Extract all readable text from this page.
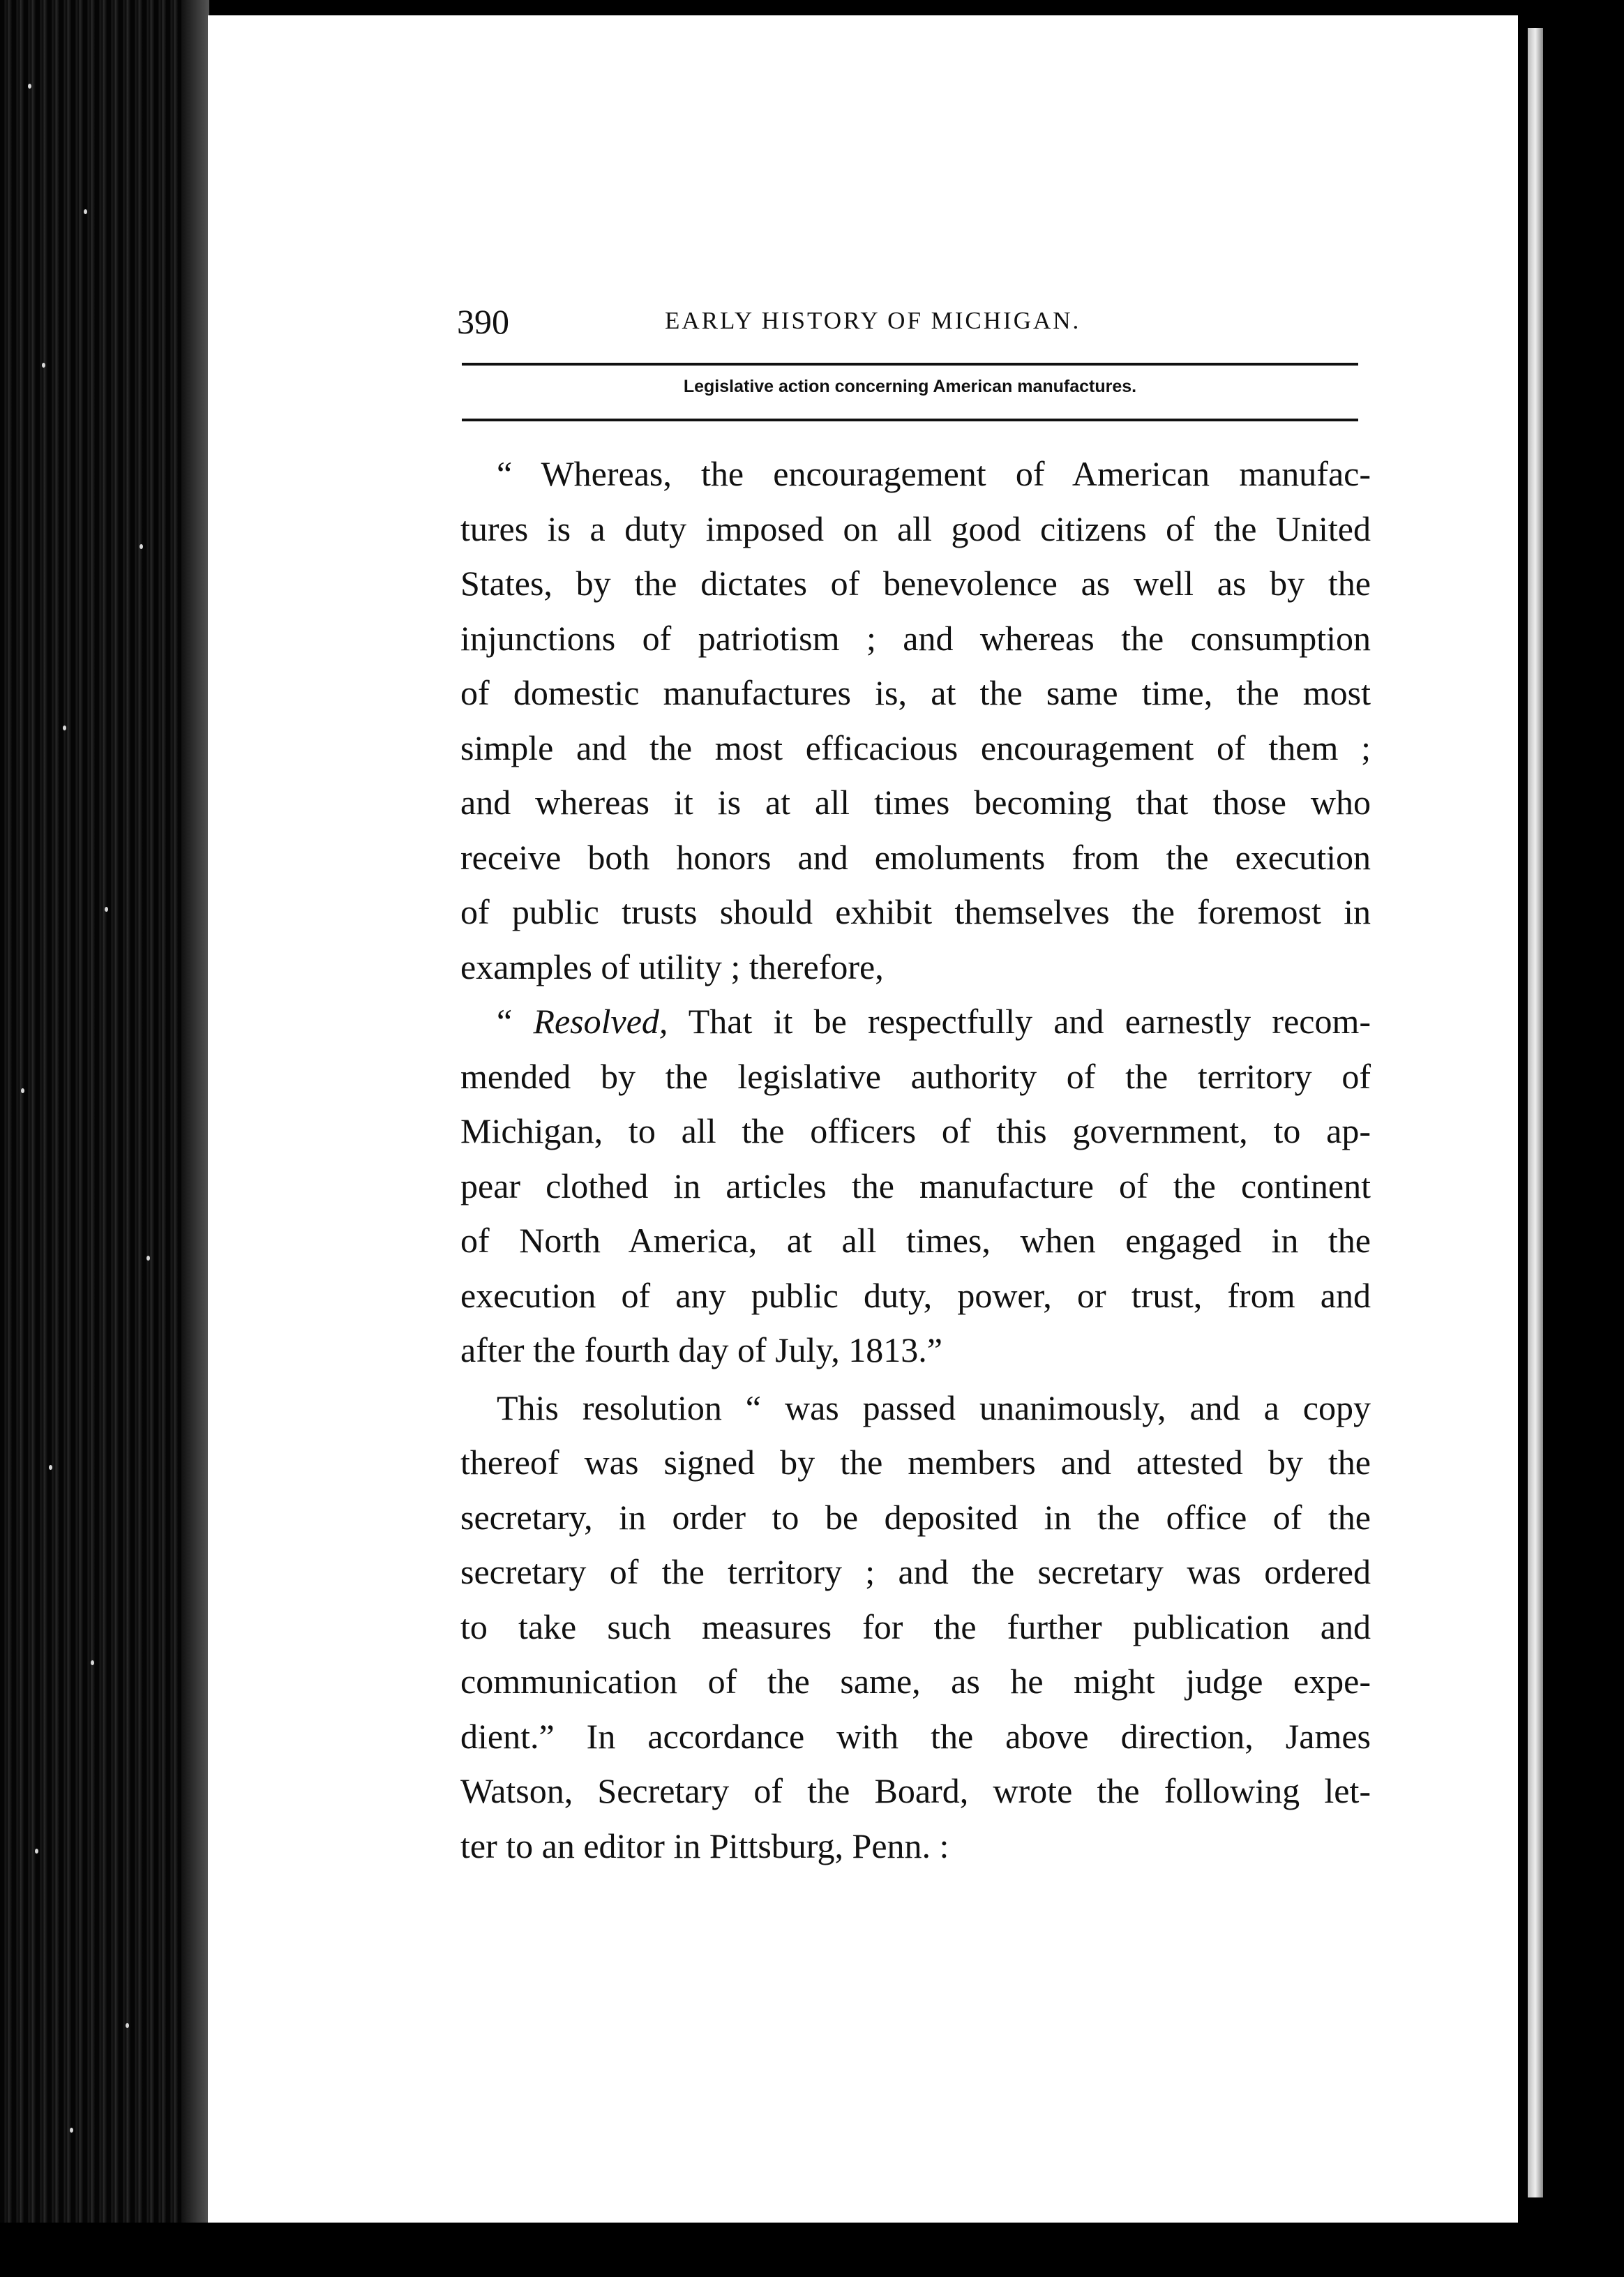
390	EARLY HISTORY OF MICHIGAN.
Legislative action concerning American manufactures.
“ Whereas, the encouragement of American manufac-
tures is a duty imposed on all good citizens of the United
States, by the dictates of benevolence as well as by the
injunctions of patriotism ; and whereas the consumption
of domestic manufactures is, at the same time, the most
simple and the most efficacious encouragement of them ;
and whereas it is at all times becoming that those who
receive both honors and emoluments from the execution
of public trusts should exhibit themselves the foremost in
examples of utility ; therefore,
“ Resolved, That it be respectfully and earnestly recom-
mended by the legislative authority of the territory of
Michigan, to all the officers of this government, to ap-
pear clothed in articles the manufacture of the continent
of North America, at all times, when engaged in the
execution of any public duty, power, or trust, from and
after the fourth day of July, 1813.”
This resolution “ was passed unanimously, and a copy
thereof was signed by the members and attested by the
secretary, in order to be deposited in the office of the
secretary of the territory ; and the secretary was ordered
to take such measures for the further publication and
communication of the same, as he might judge expe-
dient.” In accordance with the above direction, James
Watson, Secretary of the Board, wrote the following let-
ter to an editor in Pittsburg, Penn. :
